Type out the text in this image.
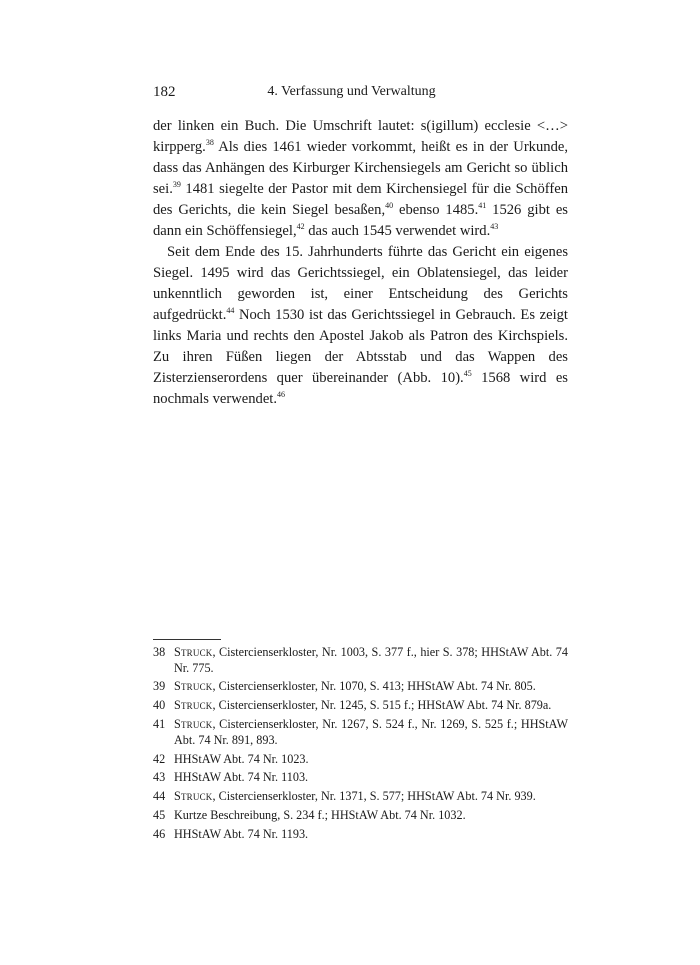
182	4. Verfassung und Verwaltung

der linken ein Buch. Die Umschrift lautet: s(igillum) ecclesie <…> kirpperg.$^{38}$ Als dies 1461 wieder vorkommt, heißt es in der Urkunde, dass das Anhängen des Kirburger Kirchensiegels am Gericht so üblich sei.$^{39}$ 1481 siegelte der Pastor mit dem Kirchensiegel für die Schöffen des Gerichts, die kein Siegel besaßen,$^{40}$ ebenso 1485.41 1526 gibt es dann ein Schöffensiegel,$^{42}$ das auch 1545 verwendet wird.$^{43}$

Seit dem Ende des 15. Jahrhunderts führte das Gericht ein eigenes Siegel. 1495 wird das Gerichtssiegel, ein Oblatensiegel, das leider unkenntlich geworden ist, einer Entscheidung des Gerichts aufgedrückt.$^{44}$ Noch 1530 ist das Gerichtssiegel in Gebrauch. Es zeigt links Maria und rechts den Apostel Jakob als Patron des Kirchspiels. Zu ihren Füßen liegen der Abtsstab und das Wappen des Zisterzienserordens quer übereinander (Abb. 10).$^{45}$ 1568 wird es nochmals verwendet.$^{46}$

38 Struck, Cistercienserkloster, Nr. 1003, S. 377 f., hier S. 378; HHStAW Abt. 74 Nr. 775.
39 Struck, Cistercienserkloster, Nr. 1070, S. 413; HHStAW Abt. 74 Nr. 805.
40 Struck, Cistercienserkloster, Nr. 1245, S. 515 f.; HHStAW Abt. 74 Nr. 879a.
41 Struck, Cistercienserkloster, Nr. 1267, S. 524 f., Nr. 1269, S. 525 f.; HHStAW Abt. 74 Nr. 891, 893.
42 HHStAW Abt. 74 Nr. 1023.
43 HHStAW Abt. 74 Nr. 1103.
44 Struck, Cistercienserkloster, Nr. 1371, S. 577; HHStAW Abt. 74 Nr. 939.
45 Kurtze Beschreibung, S. 234 f.; HHStAW Abt. 74 Nr. 1032.
46 HHStAW Abt. 74 Nr. 1193.
